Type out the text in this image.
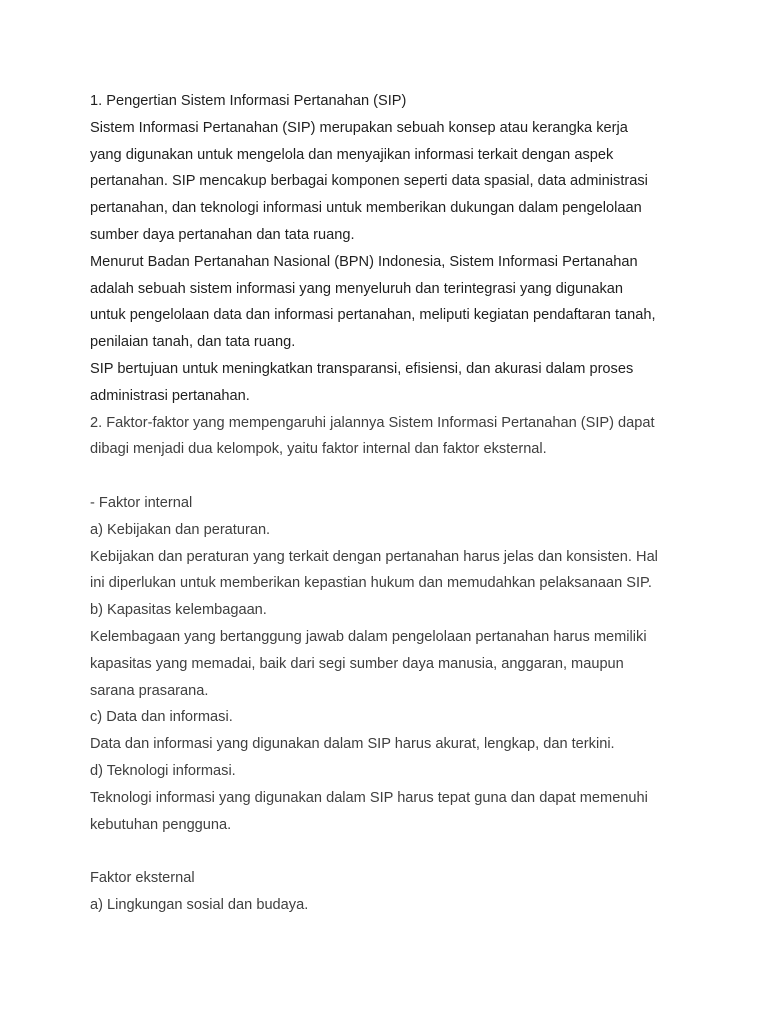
1. Pengertian Sistem Informasi Pertanahan (SIP)
Sistem Informasi Pertanahan (SIP) merupakan sebuah konsep atau kerangka kerja
yang digunakan untuk mengelola dan menyajikan informasi terkait dengan aspek
pertanahan. SIP mencakup berbagai komponen seperti data spasial, data administrasi
pertanahan, dan teknologi informasi untuk memberikan dukungan dalam pengelolaan
sumber daya pertanahan dan tata ruang.
Menurut Badan Pertanahan Nasional (BPN) Indonesia, Sistem Informasi Pertanahan
adalah sebuah sistem informasi yang menyeluruh dan terintegrasi yang digunakan
untuk pengelolaan data dan informasi pertanahan, meliputi kegiatan pendaftaran tanah,
penilaian tanah, dan tata ruang.
SIP bertujuan untuk meningkatkan transparansi, efisiensi, dan akurasi dalam proses
administrasi pertanahan.
2. Faktor-faktor yang mempengaruhi jalannya Sistem Informasi Pertanahan (SIP) dapat
dibagi menjadi dua kelompok, yaitu faktor internal dan faktor eksternal.
- Faktor internal
a) Kebijakan dan peraturan.
Kebijakan dan peraturan yang terkait dengan pertanahan harus jelas dan konsisten. Hal
ini diperlukan untuk memberikan kepastian hukum dan memudahkan pelaksanaan SIP.
b) Kapasitas kelembagaan.
Kelembagaan yang bertanggung jawab dalam pengelolaan pertanahan harus memiliki
kapasitas yang memadai, baik dari segi sumber daya manusia, anggaran, maupun
sarana prasarana.
c) Data dan informasi.
Data dan informasi yang digunakan dalam SIP harus akurat, lengkap, dan terkini.
d) Teknologi informasi.
Teknologi informasi yang digunakan dalam SIP harus tepat guna dan dapat memenuhi
kebutuhan pengguna.
Faktor eksternal
a) Lingkungan sosial dan budaya.
